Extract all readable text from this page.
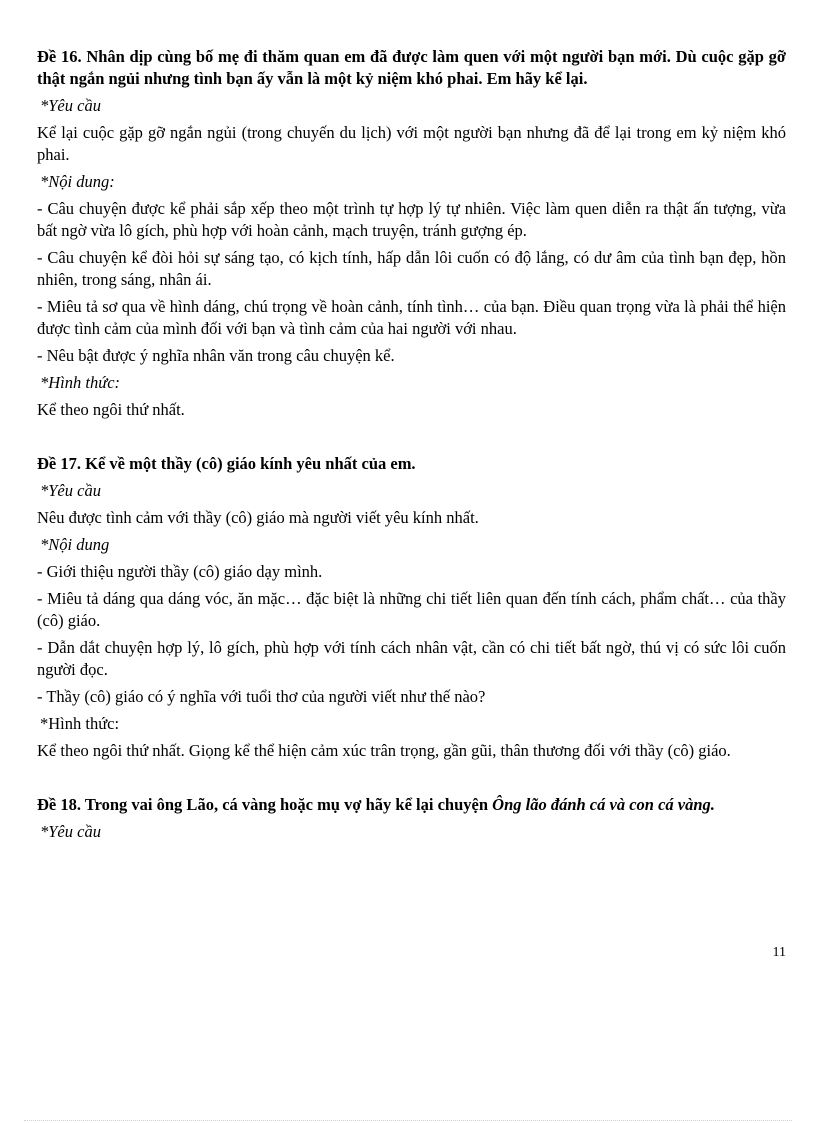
Đề 16. Nhân dịp cùng bố mẹ đi thăm quan em đã được làm quen với một người bạn mới. Dù cuộc gặp gỡ thật ngắn ngủi nhưng tình bạn ấy vẫn là một kỷ niệm khó phai. Em hãy kể lại.

*Yêu cầu

Kể lại cuộc gặp gỡ ngắn ngủi (trong chuyến du lịch) với một người bạn nhưng đã để lại trong em kỷ niệm khó phai.

*Nội dung:

- Câu chuyện được kể phải sắp xếp theo một trình tự hợp lý tự nhiên. Việc làm quen diễn ra thật ấn tượng, vừa bất ngờ vừa lô gích, phù hợp với hoàn cảnh, mạch truyện, tránh gượng ép.

- Câu chuyện kể đòi hỏi sự sáng tạo, có kịch tính, hấp dẫn lôi cuốn có độ lắng, có dư âm của tình bạn đẹp, hồn nhiên, trong sáng, nhân ái.

- Miêu tả sơ qua về hình dáng, chú trọng về hoàn cảnh, tính tình… của bạn. Điều quan trọng vừa là phải thể hiện được tình cảm của mình đối với bạn và tình cảm của hai người với nhau.

- Nêu bật được ý nghĩa nhân văn trong câu chuyện kể.

*Hình thức:

Kể theo ngôi thứ nhất.

Đề 17. Kể về một thầy (cô) giáo kính yêu nhất của em.

*Yêu cầu

Nêu được tình cảm với thầy (cô) giáo mà người viết yêu kính nhất.

*Nội dung

- Giới thiệu người thầy (cô) giáo dạy mình.

- Miêu tả dáng qua dáng vóc, ăn mặc… đặc biệt là những chi tiết liên quan đến tính cách, phẩm chất… của thầy (cô) giáo.

- Dẫn dắt chuyện hợp lý, lô gích, phù hợp với tính cách nhân vật, cần có chi tiết bất ngờ, thú vị có sức lôi cuốn người đọc.

- Thầy (cô) giáo có ý nghĩa với tuổi thơ của người viết như thế nào?

*Hình thức:

Kể theo ngôi thứ nhất. Giọng kể thể hiện cảm xúc trân trọng, gần gũi, thân thương đối với thầy (cô) giáo.

Đề 18. Trong vai ông Lão, cá vàng hoặc mụ vợ hãy kể lại chuyện Ông lão đánh cá và con cá vàng.

*Yêu cầu

11
